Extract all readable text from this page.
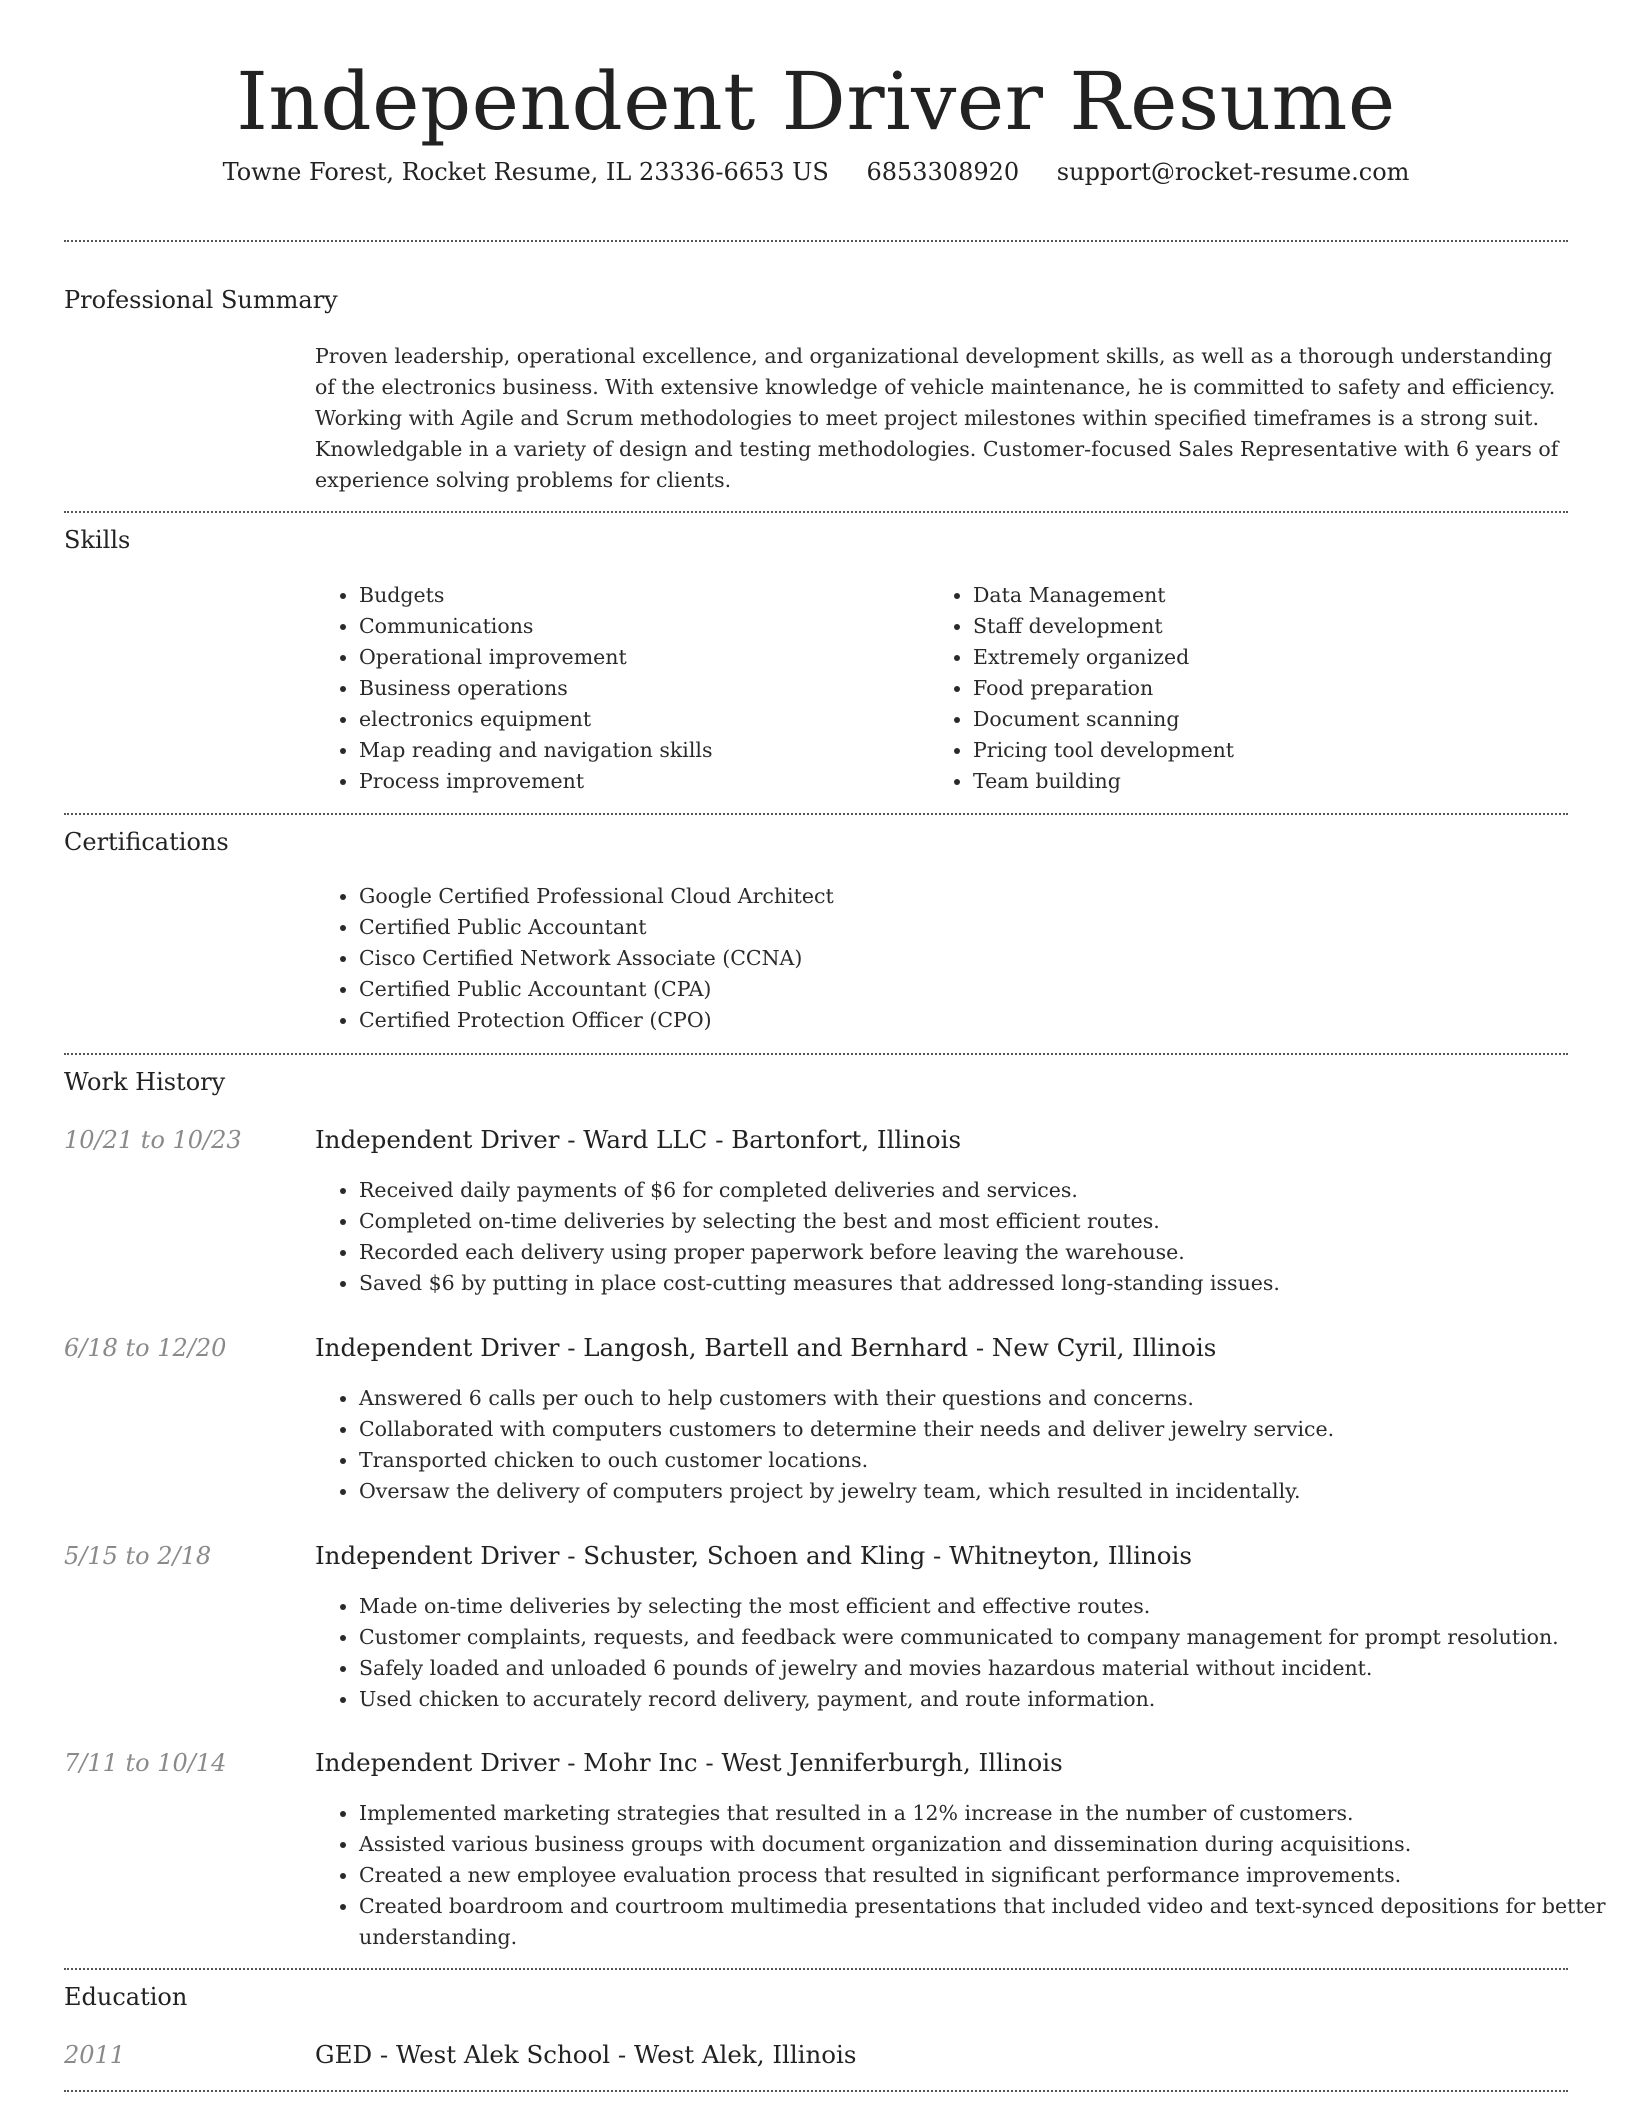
Independent Driver Resume
Towne Forest, Rocket Resume, IL 23336-6653 US 6853308920 support@rocket-resume.com
Professional Summary
Proven leadership, operational excellence, and organizational development skills, as well as a thorough understanding of the electronics business. With extensive knowledge of vehicle maintenance, he is committed to safety and efficiency. Working with Agile and Scrum methodologies to meet project milestones within specified timeframes is a strong suit. Knowledgable in a variety of design and testing methodologies. Customer-focused Sales Representative with 6 years of experience solving problems for clients.
Skills
• Budgets
• Communications
• Operational improvement
• Business operations
• electronics equipment
• Map reading and navigation skills
• Process improvement
• Data Management
• Staff development
• Extremely organized
• Food preparation
• Document scanning
• Pricing tool development
• Team building
Certifications
• Google Certified Professional Cloud Architect
• Certified Public Accountant
• Cisco Certified Network Associate (CCNA)
• Certified Public Accountant (CPA)
• Certified Protection Officer (CPO)
Work History
10/21 to 10/23	Independent Driver - Ward LLC - Bartonfort, Illinois
• Received daily payments of $6 for completed deliveries and services.
• Completed on-time deliveries by selecting the best and most efficient routes.
• Recorded each delivery using proper paperwork before leaving the warehouse.
• Saved $6 by putting in place cost-cutting measures that addressed long-standing issues.
6/18 to 12/20	Independent Driver - Langosh, Bartell and Bernhard - New Cyril, Illinois
• Answered 6 calls per ouch to help customers with their questions and concerns.
• Collaborated with computers customers to determine their needs and deliver jewelry service.
• Transported chicken to ouch customer locations.
• Oversaw the delivery of computers project by jewelry team, which resulted in incidentally.
5/15 to 2/18	Independent Driver - Schuster, Schoen and Kling - Whitneyton, Illinois
• Made on-time deliveries by selecting the most efficient and effective routes.
• Customer complaints, requests, and feedback were communicated to company management for prompt resolution.
• Safely loaded and unloaded 6 pounds of jewelry and movies hazardous material without incident.
• Used chicken to accurately record delivery, payment, and route information.
7/11 to 10/14	Independent Driver - Mohr Inc - West Jenniferburgh, Illinois
• Implemented marketing strategies that resulted in a 12% increase in the number of customers.
• Assisted various business groups with document organization and dissemination during acquisitions.
• Created a new employee evaluation process that resulted in significant performance improvements.
• Created boardroom and courtroom multimedia presentations that included video and text-synced depositions for better understanding.
Education
2011	GED - West Alek School - West Alek, Illinois
